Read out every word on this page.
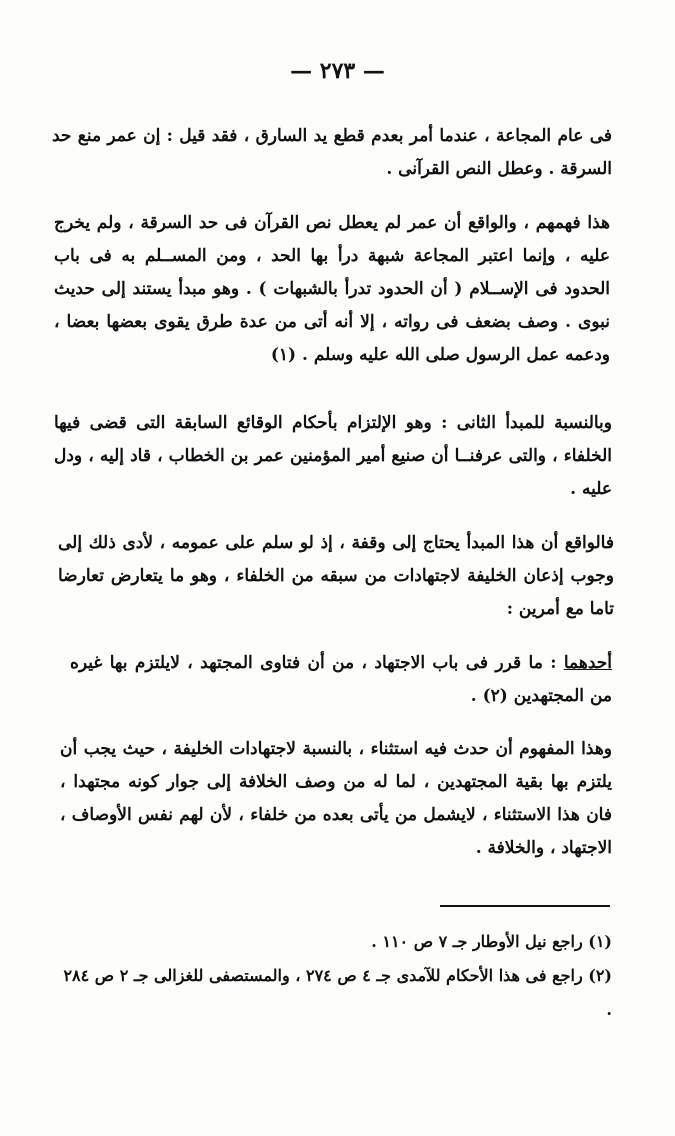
— ٢٧٣ —

فى عام المجاعة ، عندما أمر بعدم قطع يد السارق ، فقد قيل : إن عمر منع حد السرقة . وعطل النص القرآنى .

هذا فهمهم ، والواقع أن عمر لم يعطل نص القرآن فى حد السرقة ، ولم يخرج عليه ، وإنما اعتبر المجاعة شبهة درأ بها الحد ، ومن المســلم به فى باب الحدود فى الإســلام ( أن الحدود تدرأ بالشبهات ) . وهو مبدأ يستند إلى حديث نبوى . وصف بضعف فى رواته ، إلا أنه أتى من عدة طرق يقوى بعضها بعضا ، ودعمه عمل الرسول صلى الله عليه وسلم . (١)

وبالنسبة للمبدأ الثانى : وهو الإلتزام بأحكام الوقائع السابقة التى قضى فيها الخلفاء ، والتى عرفنــا أن صنيع أمير المؤمنين عمر بن الخطاب ، قاد إليه ، ودل عليه .

فالواقع أن هذا المبدأ يحتاج إلى وقفة ، إذ لو سلم على عمومه ، لأدى ذلك إلى وجوب إذعان الخليفة لاجتهادات من سبقه من الخلفاء ، وهو ما يتعارض تعارضا تاما مع أمرين :

أحدهما : ما قرر فى باب الاجتهاد ، من أن فتاوى المجتهد ، لايلتزم بها غيره من المجتهدين (٢) .

وهذا المفهوم أن حدث فيه استثناء ، بالنسبة لاجتهادات الخليفة ، حيث يجب أن يلتزم بها بقية المجتهدين ، لما له من وصف الخلافة إلى جوار كونه مجتهدا ، فان هذا الاستثناء ، لايشمل من يأتى بعده من خلفاء ، لأن لهم نفس الأوصاف ، الاجتهاد ، والخلافة .

(١) راجع نيل الأوطار جـ ٧ ص ١١٠ .

(٢) راجع فى هذا الأحكام للآمدى جـ ٤ ص ٢٧٤ ، والمستصفى للغزالى جـ ٢ ص ٢٨٤ .
